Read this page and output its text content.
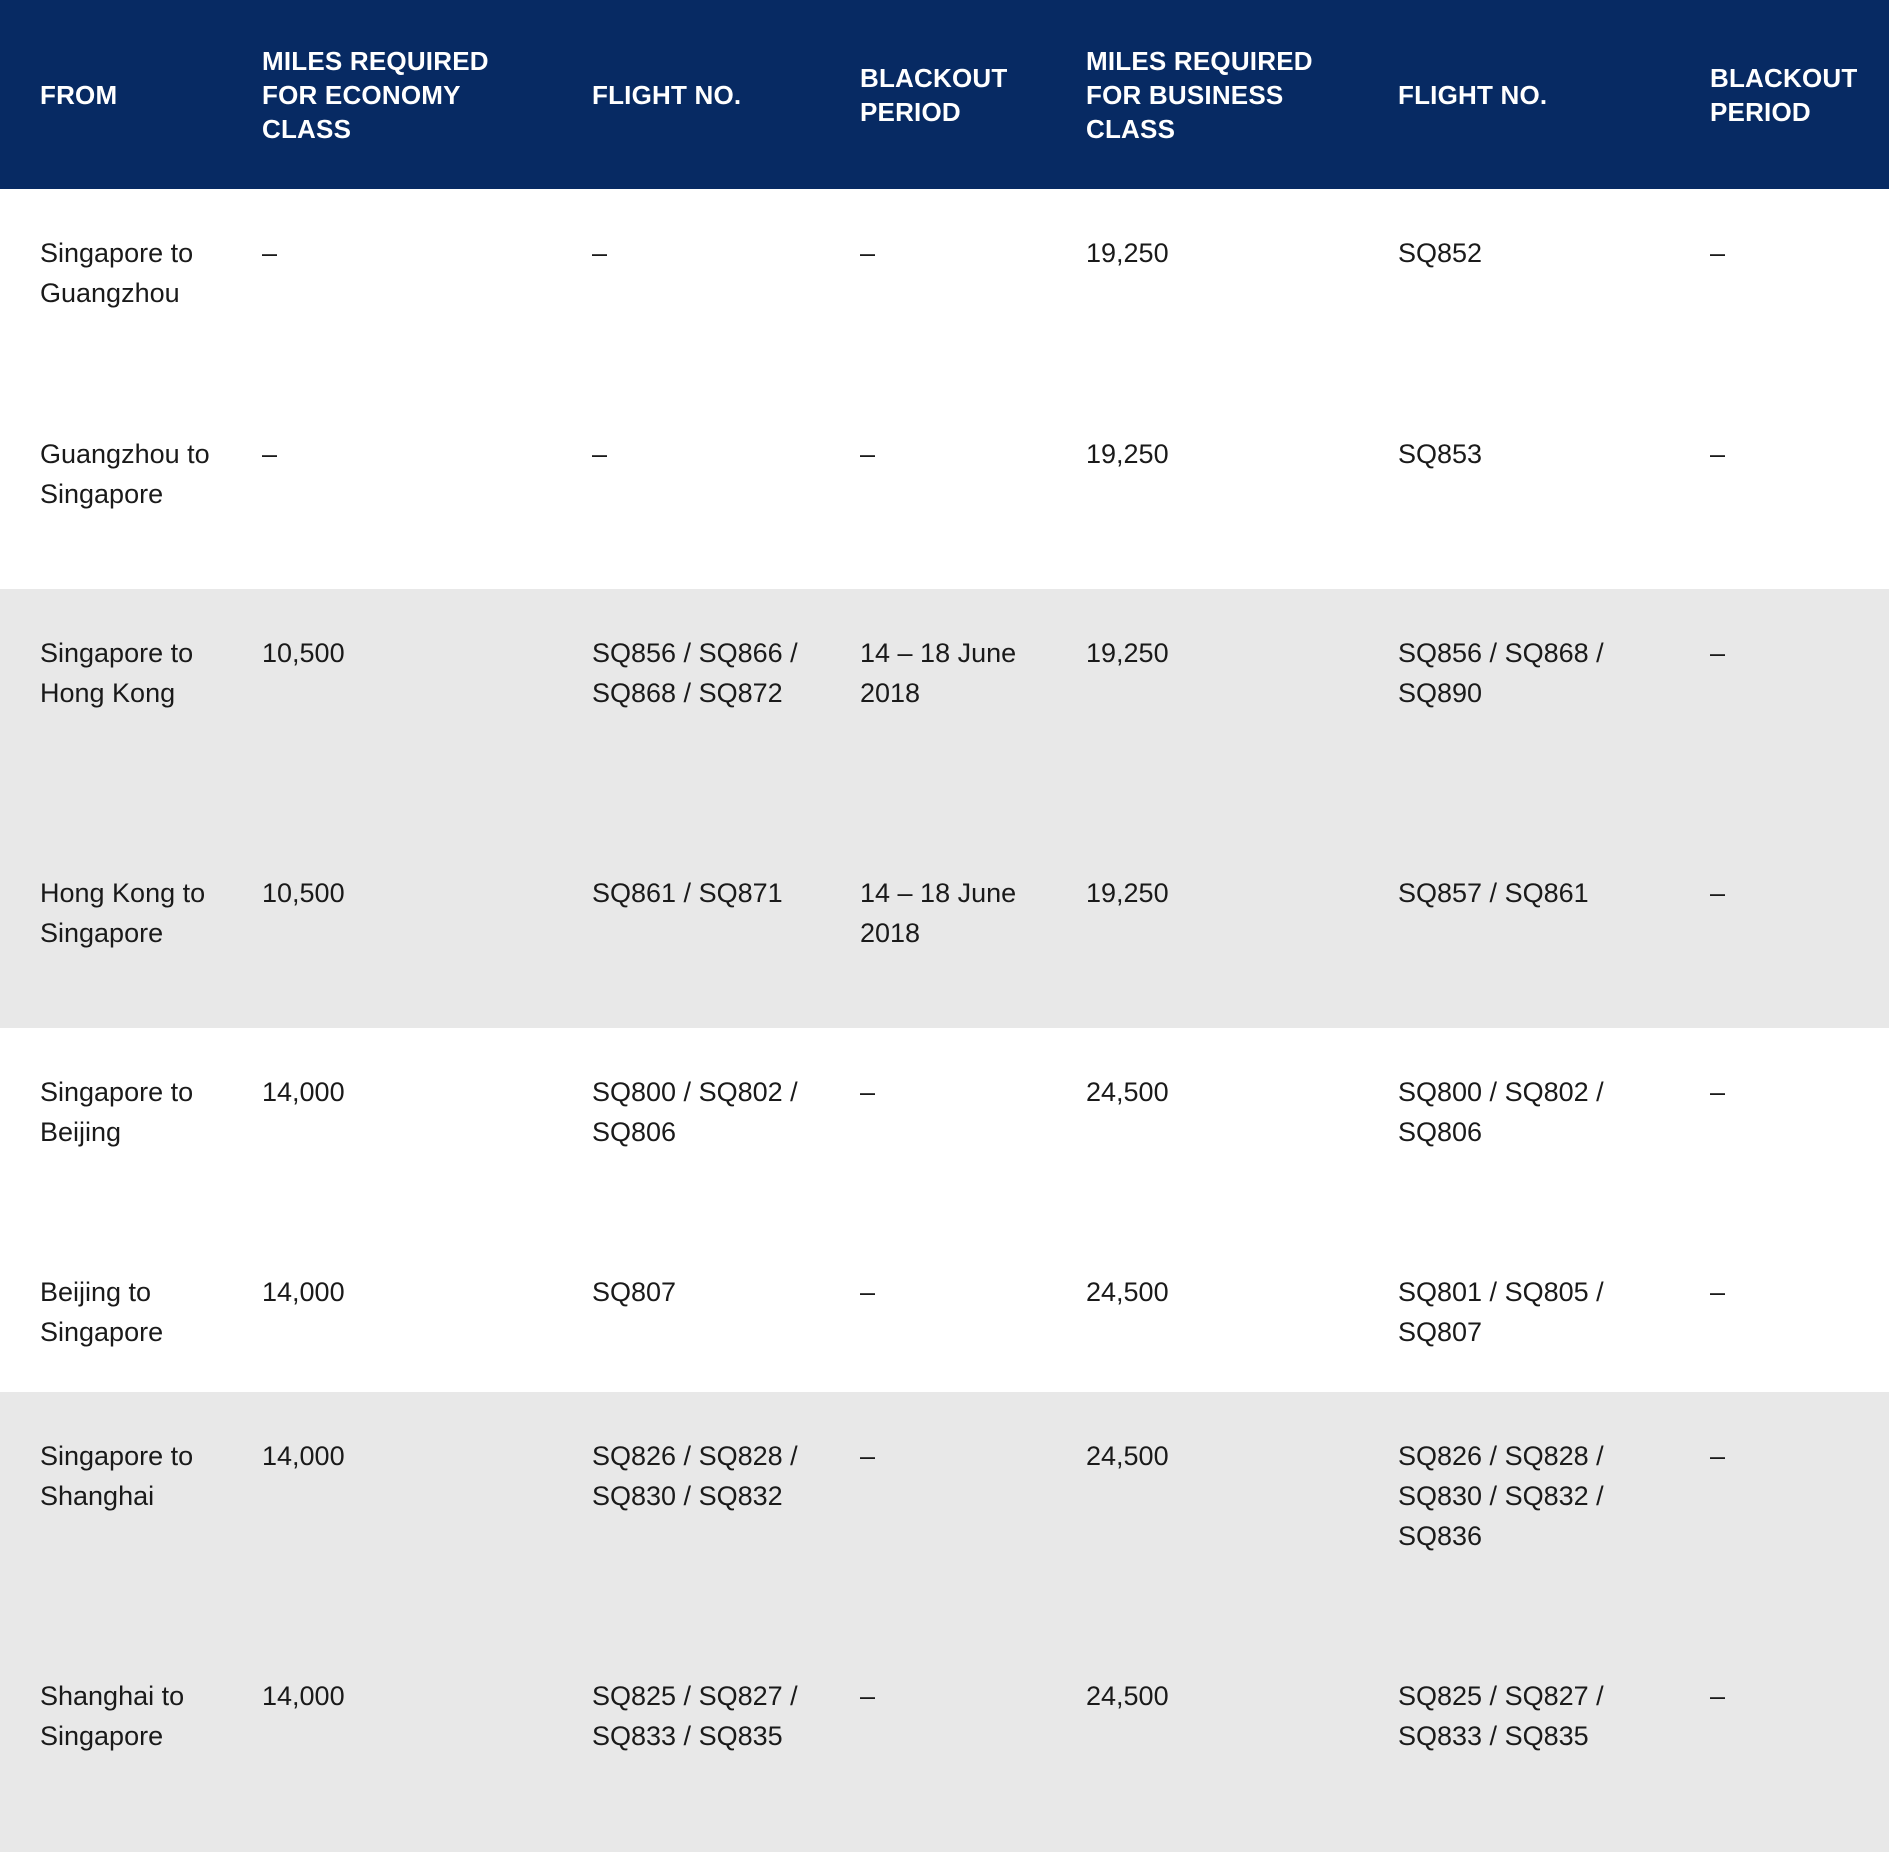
FROM	MILES REQUIRED FOR ECONOMY CLASS	FLIGHT NO.	BLACKOUT PERIOD	MILES REQUIRED FOR BUSINESS CLASS	FLIGHT NO.	BLACKOUT PERIOD
Singapore to Guangzhou	–	–	–	19,250	SQ852	–
Guangzhou to Singapore	–	–	–	19,250	SQ853	–
Singapore to Hong Kong	10,500	SQ856 / SQ866 / SQ868 / SQ872	14 – 18 June 2018	19,250	SQ856 / SQ868 / SQ890	–
Hong Kong to Singapore	10,500	SQ861 / SQ871	14 – 18 June 2018	19,250	SQ857 / SQ861	–
Singapore to Beijing	14,000	SQ800 / SQ802 / SQ806	–	24,500	SQ800 / SQ802 / SQ806	–
Beijing to Singapore	14,000	SQ807	–	24,500	SQ801 / SQ805 / SQ807	–
Singapore to Shanghai	14,000	SQ826 / SQ828 / SQ830 / SQ832	–	24,500	SQ826 / SQ828 / SQ830 / SQ832 / SQ836	–
Shanghai to Singapore	14,000	SQ825 / SQ827 / SQ833 / SQ835	–	24,500	SQ825 / SQ827 / SQ833 / SQ835	–
